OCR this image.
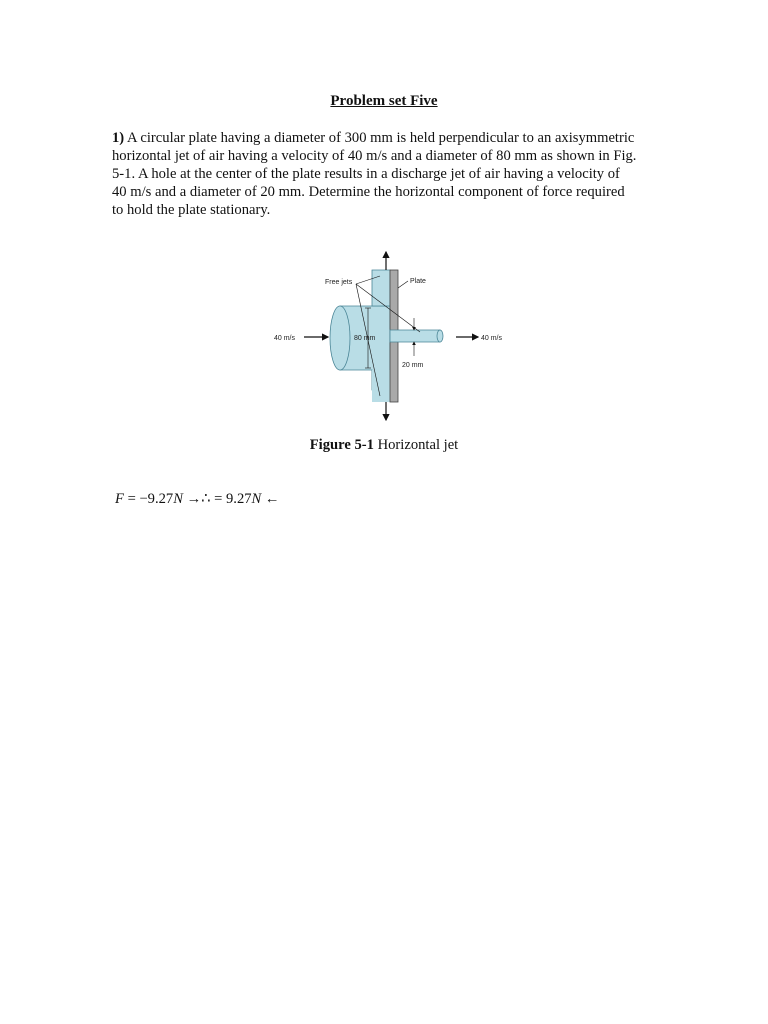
Problem set Five
1) A circular plate having a diameter of 300 mm is held perpendicular to an axisymmetric
horizontal jet of air having a velocity of 40 m/s and a diameter of 80 mm as shown in Fig.
5-1. A hole at the center of the plate results in a discharge jet of air having a velocity of
40 m/s and a diameter of 20 mm. Determine the horizontal component of force required
to hold the plate stationary.
Free jets	Plate
40 m/s	80 mm	40 m/s
20 mm
Figure 5-1 Horizontal jet
F = −9.27N →∴ = 9.27N ←
